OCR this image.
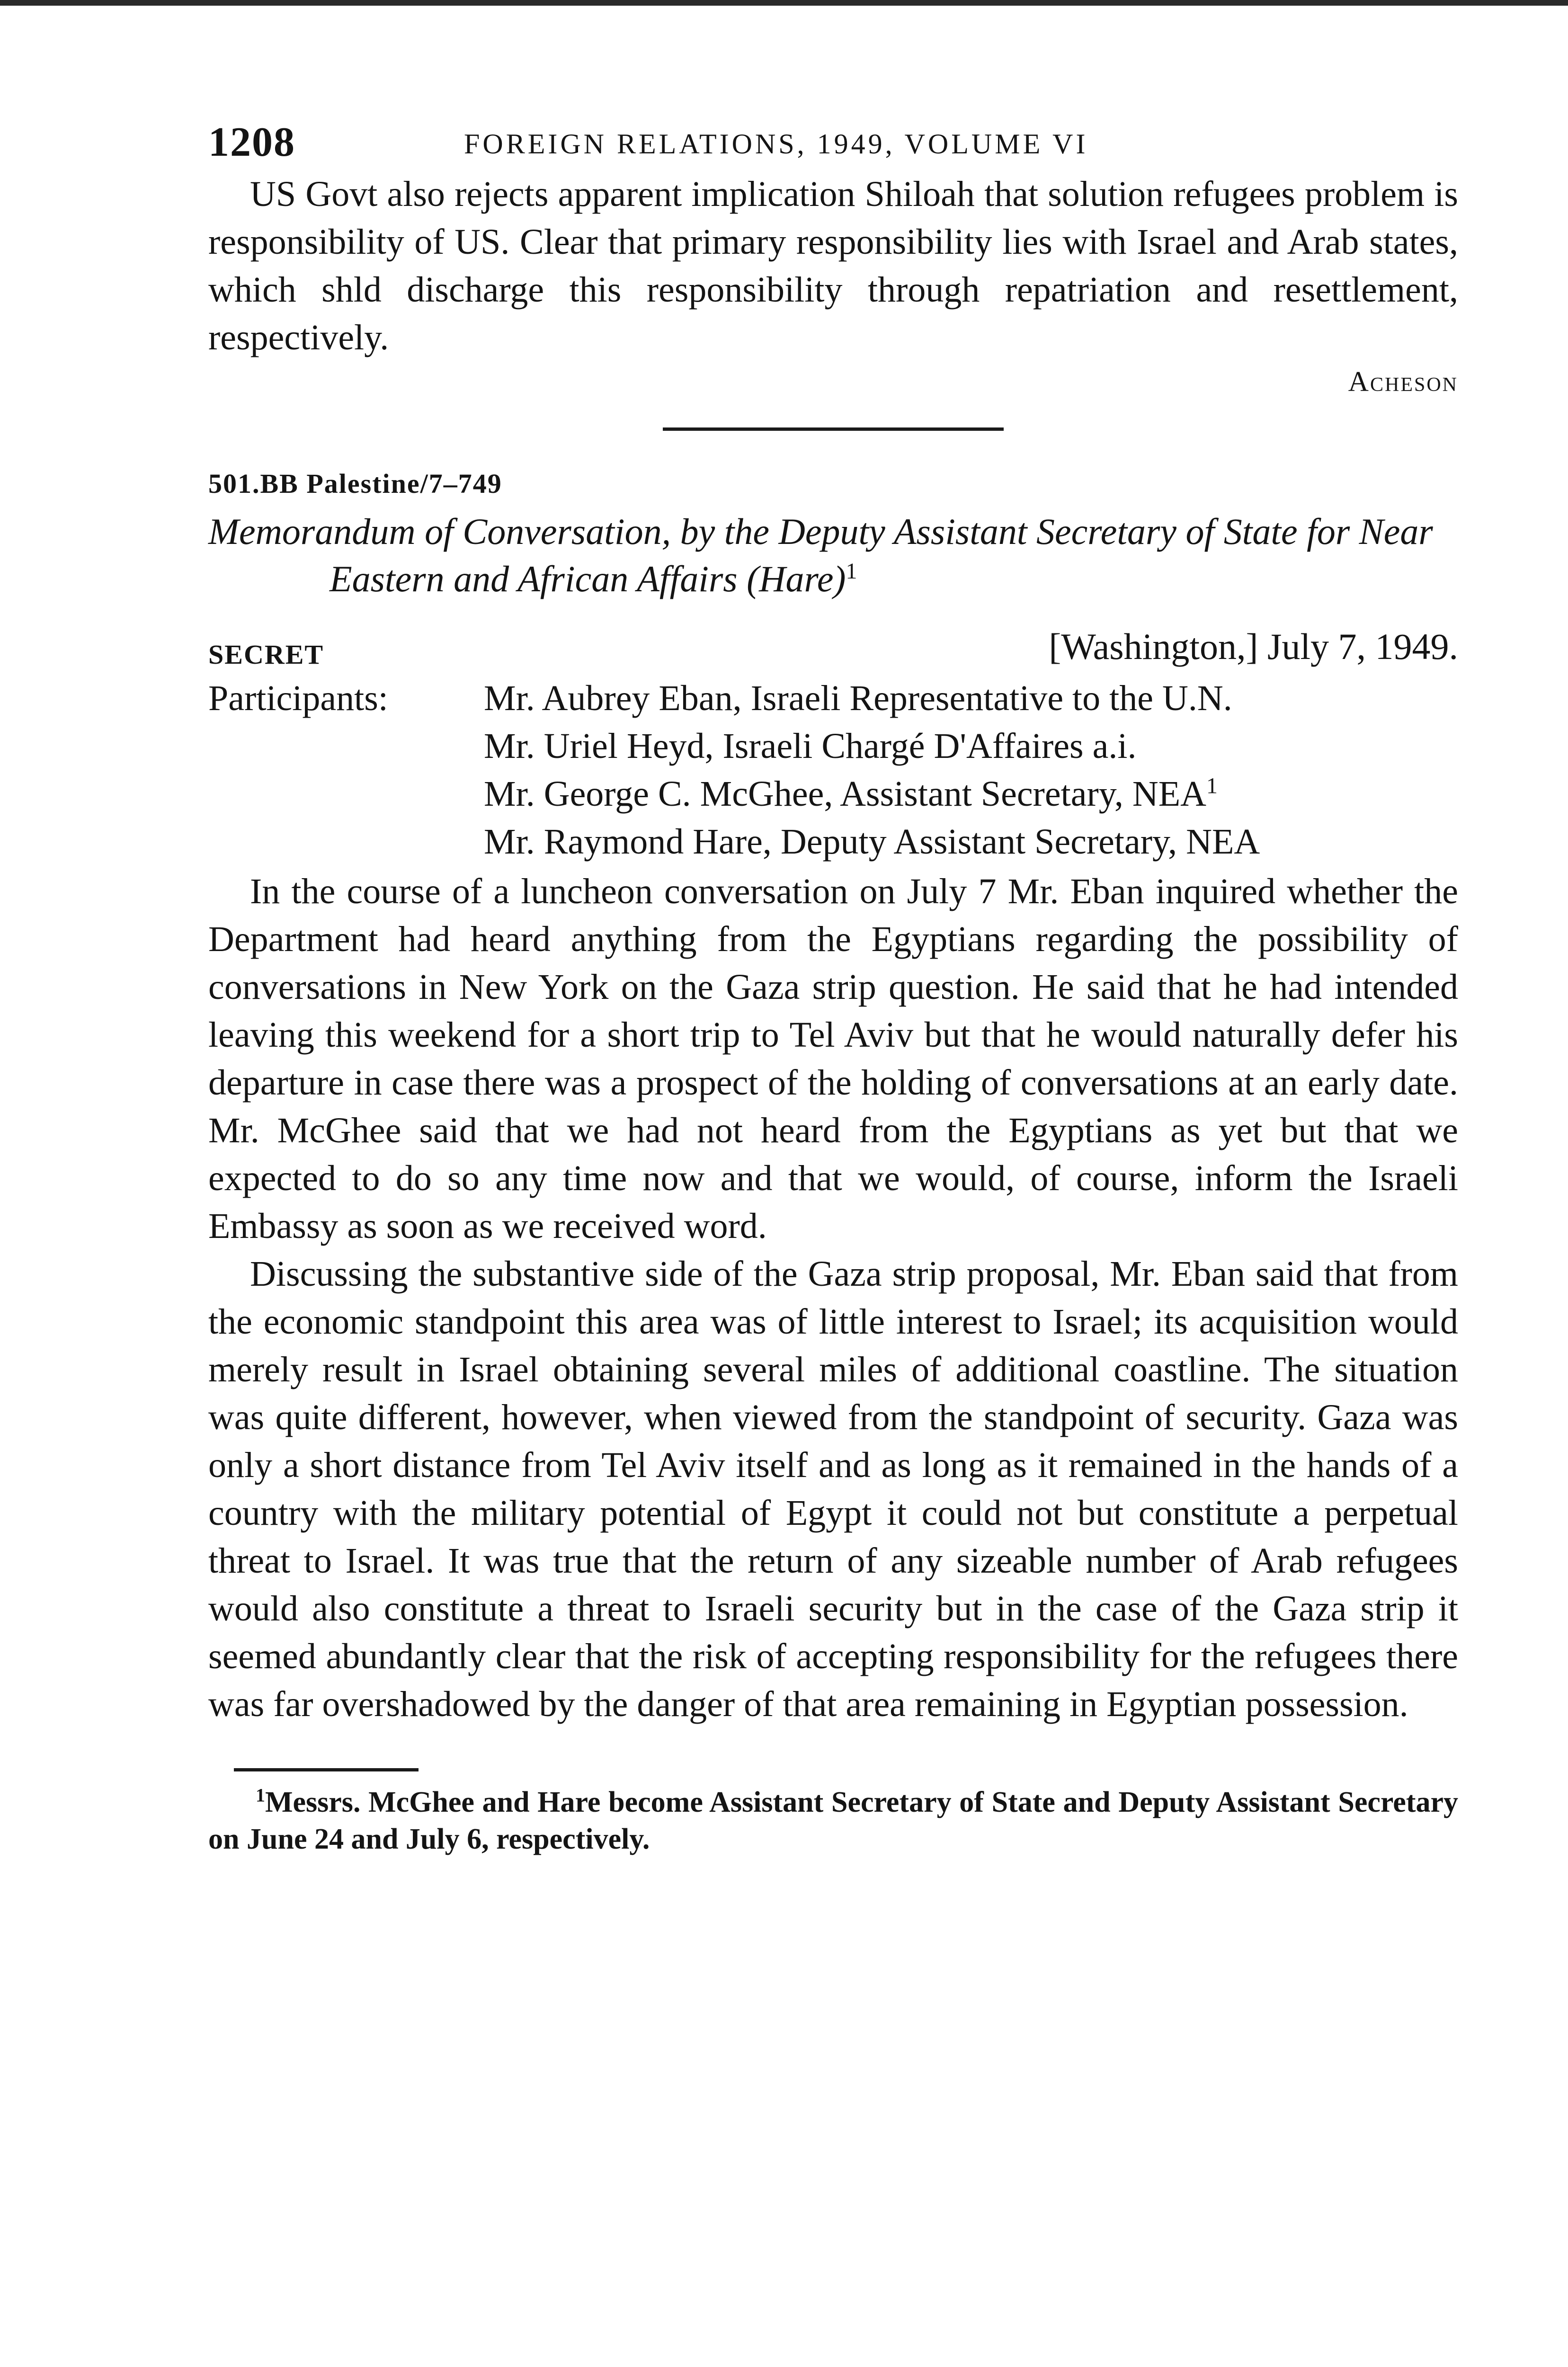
1208	FOREIGN RELATIONS, 1949, VOLUME VI

US Govt also rejects apparent implication Shiloah that solution refugees problem is responsibility of US. Clear that primary responsibility lies with Israel and Arab states, which shld discharge this responsibility through repatriation and resettlement, respectively.

Acheson
501.BB Palestine/7–749
Memorandum of Conversation, by the Deputy Assistant Secretary of State for Near Eastern and African Affairs (Hare)$^1$
SECRET	[Washington,] July 7, 1949.
Participants:	Mr. Aubrey Eban, Israeli Representative to the U.N.
Mr. Uriel Heyd, Israeli Chargé D'Affaires a.i.
Mr. George C. McGhee, Assistant Secretary, NEA$^1$
Mr. Raymond Hare, Deputy Assistant Secretary, NEA

In the course of a luncheon conversation on July 7 Mr. Eban inquired whether the Department had heard anything from the Egyptians regarding the possibility of conversations in New York on the Gaza strip question. He said that he had intended leaving this weekend for a short trip to Tel Aviv but that he would naturally defer his departure in case there was a prospect of the holding of conversations at an early date. Mr. McGhee said that we had not heard from the Egyptians as yet but that we expected to do so any time now and that we would, of course, inform the Israeli Embassy as soon as we received word.

Discussing the substantive side of the Gaza strip proposal, Mr. Eban said that from the economic standpoint this area was of little interest to Israel; its acquisition would merely result in Israel obtaining several miles of additional coastline. The situation was quite different, however, when viewed from the standpoint of security. Gaza was only a short distance from Tel Aviv itself and as long as it remained in the hands of a country with the military potential of Egypt it could not but constitute a perpetual threat to Israel. It was true that the return of any sizeable number of Arab refugees would also constitute a threat to Israeli security but in the case of the Gaza strip it seemed abundantly clear that the risk of accepting responsibility for the refugees there was far overshadowed by the danger of that area remaining in Egyptian possession.

$^1$Messrs. McGhee and Hare become Assistant Secretary of State and Deputy Assistant Secretary on June 24 and July 6, respectively.
